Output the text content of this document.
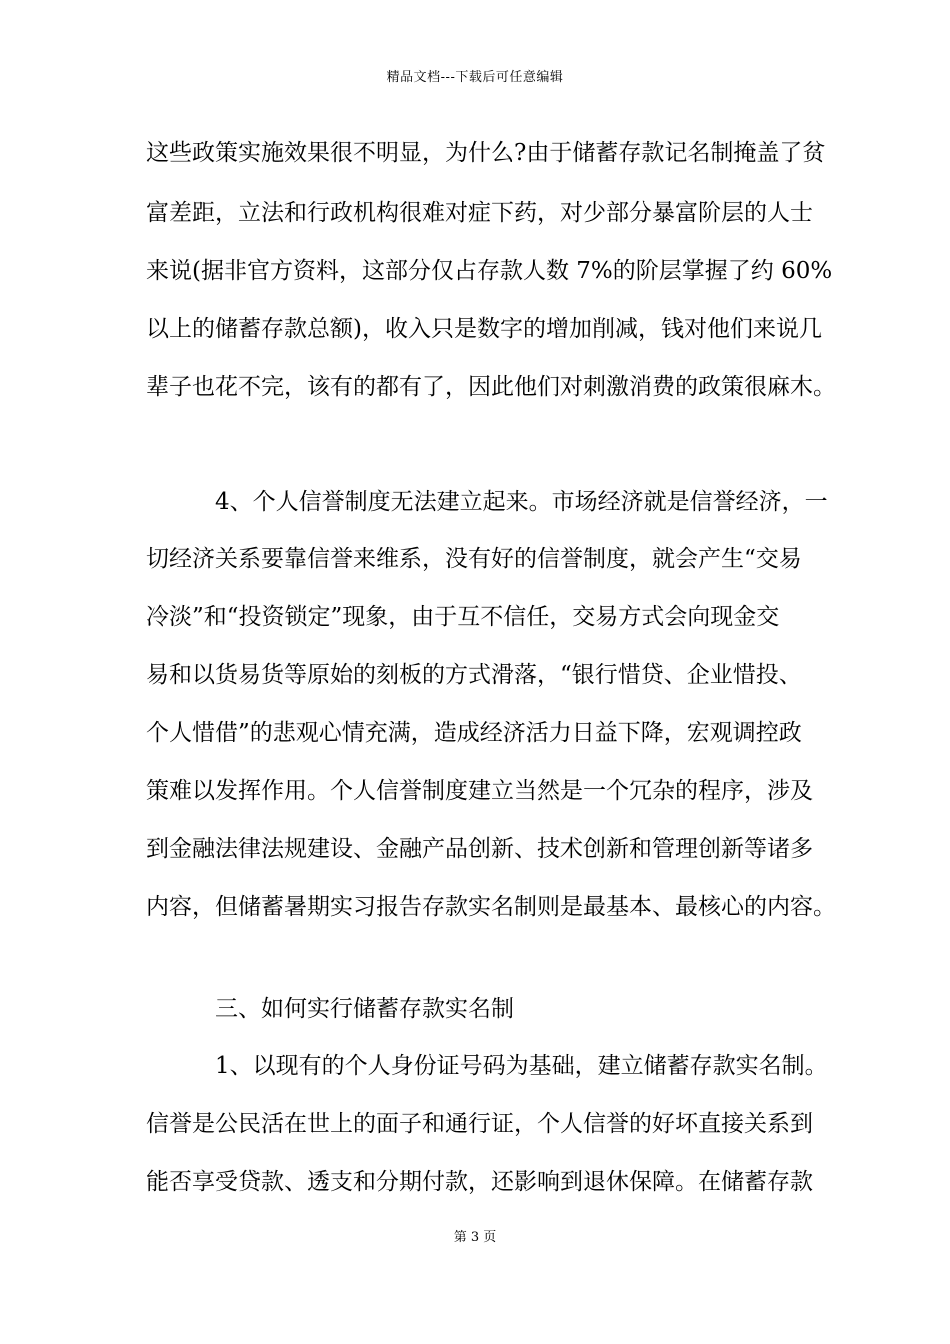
精品文档---下载后可任意编辑
这些政策实施效果很不明显，为什么?由于储蓄存款记名制掩盖了贫
富差距，立法和行政机构很难对症下药，对少部分暴富阶层的人士
来说(据非官方资料，这部分仅占存款人数 7%的阶层掌握了约 60%
以上的储蓄存款总额)，收入只是数字的增加削减，钱对他们来说几
辈子也花不完，该有的都有了，因此他们对刺激消费的政策很麻木。
4、个人信誉制度无法建立起来。市场经济就是信誉经济，一
切经济关系要靠信誉来维系，没有好的信誉制度，就会产生“交易
冷淡”和“投资锁定”现象，由于互不信任，交易方式会向现金交
易和以货易货等原始的刻板的方式滑落，“银行惜贷、企业惜投、
个人惜借”的悲观心情充满，造成经济活力日益下降，宏观调控政
策难以发挥作用。个人信誉制度建立当然是一个冗杂的程序，涉及
到金融法律法规建设、金融产品创新、技术创新和管理创新等诸多
内容，但储蓄暑期实习报告存款实名制则是最基本、最核心的内容。
三、如何实行储蓄存款实名制
1、以现有的个人身份证号码为基础，建立储蓄存款实名制。
信誉是公民活在世上的面子和通行证，个人信誉的好坏直接关系到
能否享受贷款、透支和分期付款，还影响到退休保障。在储蓄存款
第 3 页
